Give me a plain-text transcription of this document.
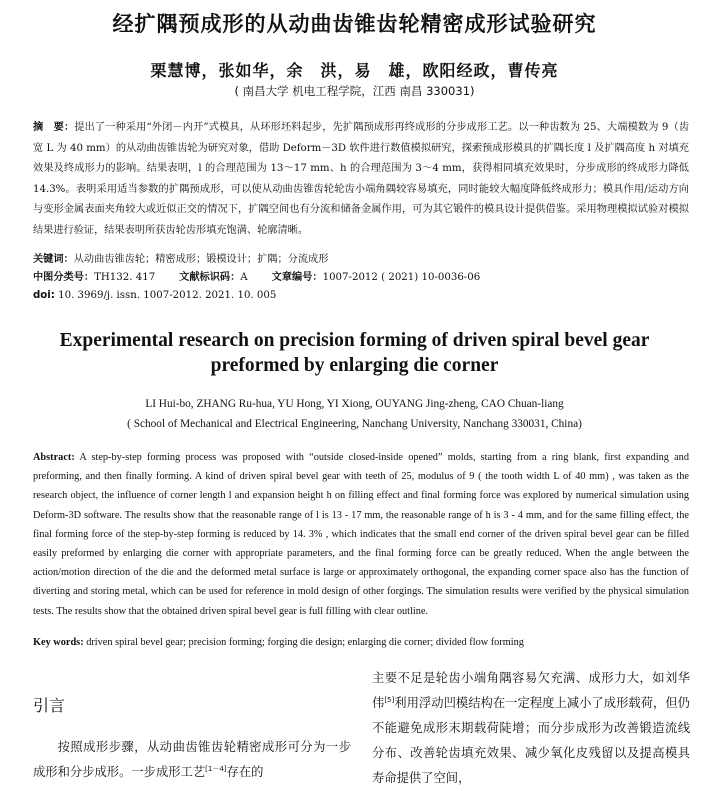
经扩隅预成形的从动曲齿锥齿轮精密成形试验研究
栗慧博，张如华，余　洪，易　雄，欧阳经政，曹传亮
( 南昌大学 机电工程学院，江西 南昌 330031)
摘　要：提出了一种采用“外闭－内开”式模具，从环形坯料起步，先扩隅预成形再终成形的分步成形工艺。以一种齿数为 25、大端模数为 9（齿宽 L 为 40 mm）的从动曲齿锥齿轮为研究对象，借助 Deform－3D 软件进行数值模拟研究，探索预成形模具的扩隅长度 l 及扩隅高度 h 对填充效果及终成形力的影响。结果表明，l 的合理范围为 13～17 mm、h 的合理范围为 3～4 mm，获得相同填充效果时，分步成形的终成形力降低 14.3%。表明采用适当参数的扩隅预成形，可以使从动曲齿锥齿轮轮齿小端角隅较容易填充，同时能较大幅度降低终成形力；模具作用/运动方向与变形金属表面夹角较大或近似正交的情况下，扩隅空间也有分流和储备金属作用，可为其它锻件的模具设计提供借鉴。采用物理模拟试验对模拟结果进行验证，结果表明所获齿轮齿形填充饱满、轮廓清晰。
关键词：从动曲齿锥齿轮；精密成形；锻模设计；扩隅；分流成形
中图分类号：TH132. 417 文献标识码：A 文章编号：1007-2012 ( 2021) 10-0036-06
doi: 10. 3969/j. issn. 1007-2012. 2021. 10. 005
Experimental research on precision forming of driven spiral bevel gear
preformed by enlarging die corner
LI Hui-bo, ZHANG Ru-hua, YU Hong, YI Xiong, OUYANG Jing-zheng, CAO Chuan-liang
( School of Mechanical and Electrical Engineering, Nanchang University, Nanchang 330031, China)
Abstract: A step-by-step forming process was proposed with “outside closed-inside opened” molds, starting from a ring blank, first expanding and preforming, and then finally forming. A kind of driven spiral bevel gear with teeth of 25, modulus of 9 ( the tooth width L of 40 mm) , was taken as the research object, the influence of corner length l and expansion height h on filling effect and final forming force was explored by numerical simulation using Deform-3D software. The results show that the reasonable range of l is 13 - 17 mm, the reasonable range of h is 3 - 4 mm, and for the same filling effect, the final forming force of the step-by-step forming is reduced by 14. 3% , which indicates that the small end corner of the driven spiral bevel gear can be filled easily preformed by enlarging die corner with appropriate parameters, and the final forming force can be greatly reduced. When the angle between the action/motion direction of the die and the deformed metal surface is large or approximately orthogonal, the expanding corner space also has the function of diverting and storing metal, which can be used for reference in mold design of other forgings. The simulation results were verified by the physical simulation tests. The results show that the obtained driven spiral bevel gear is full filling with clear outline.
Key words: driven spiral bevel gear; precision forming; forging die design; enlarging die corner; divided flow forming
引言
按照成形步骤，从动曲齿锥齿轮精密成形可分为一步成形和分步成形。一步成形工艺[1－4]存在的
主要不足是轮齿小端角隅容易欠充满、成形力大，如刘华伟[5]利用浮动凹模结构在一定程度上减小了成形载荷，但仍不能避免成形末期载荷陡增；而分步成形为改善锻造流线分布、改善轮齿填充效果、减少氧化皮残留以及提高模具寿命提供了空间，
